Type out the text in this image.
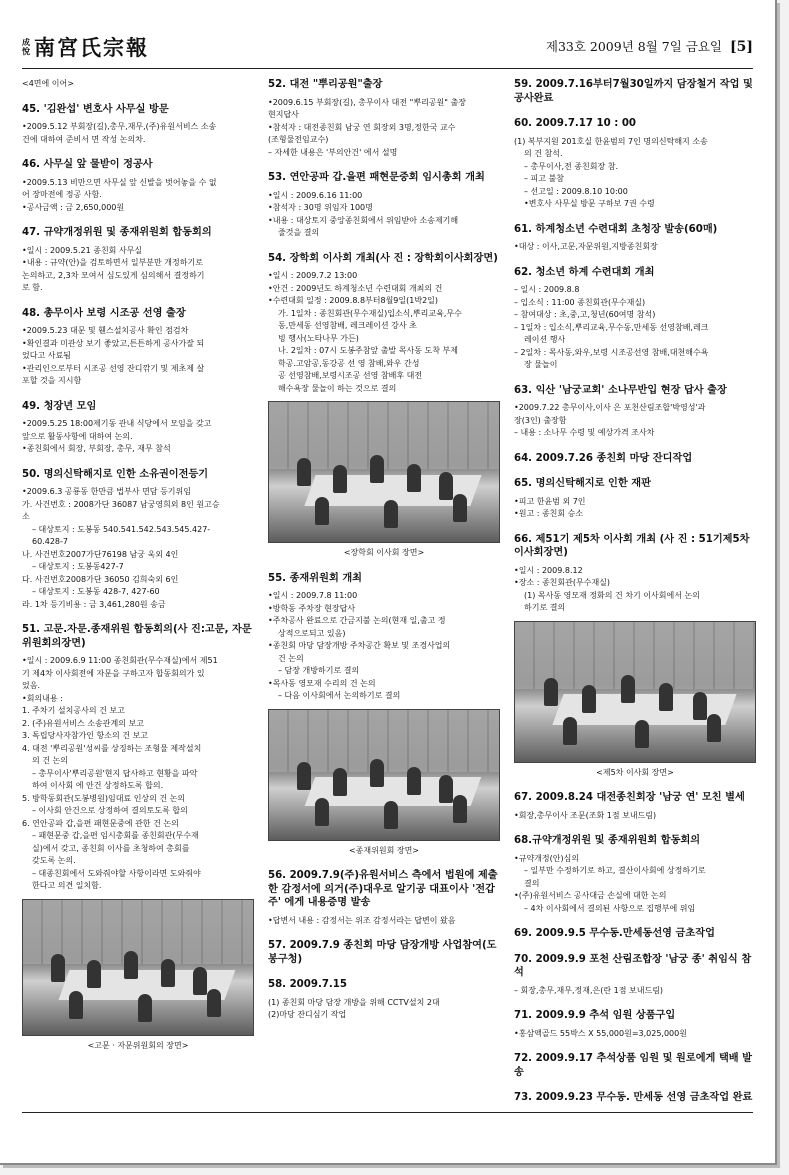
成
悅 南宮氏宗報	제33호 2009년 8월 7일 금요일 [5]
<4면에 이어>
45. '김완섭' 변호사 사무실 방문
•2009.5.12 부회장(길),총무,재무,(주)유원서비스 소송
건에 대하여 준비서 면 작성 논의차.
46. 사무실 앞 물받이 정공사
•2009.5.13 비만으면 사무실 앞 신발을 벗어놓을 수 없
어 장마전에 정공 사함.
•공사금액 : 금 2,650,000원
47. 규약개정위원 및 종재위원회 합동회의
•일시 : 2009.5.21 종친회 사무실
•내용 : 규약(안)을 검토하면서 일부분만 개정하기로
논의하고, 2,3차 모여서 심도있게 심의해서 결정하기
로 함.
48. 총무이사 보령 시조공 선영 출장
•2009.5.23 대문 및 휀스설치공사 확인 점검차
•확인결과 미관상 보기 좋았고,튼튼하게 공사가잘 되
었다고 사료됨
•관리인으로부터 시조공 선영 잔디깎기 및 제초제 살
포할 것을 지시함
49. 청장년 모임
•2009.5.25 18:00제기동 관내 식당에서 모임을 갖고
앞으로 활동사항에 대하여 논의.
•종친회에서 회장, 부회장, 총무, 재무 참석
50. 명의신탁해지로 인한 소유권이전등기
•2009.6.3 공룡동 한만큼 법부사 면담 등기위임
가. 사건번호 : 2008가단 36087 남궁영희외 8인 원고승
소
– 대상토지 : 도봉동 540.541.542.543.545.427-
60.428-7
나. 사건번호2007가단76198 남궁 욱외 4인
– 대상토지 : 도봉동427-7
다. 사건번호2008가단 36050 김희숙외 6인
– 대상토지 : 도봉동 428-7, 427-60
라. 1차 등기비용 : 금 3,461,280원 송금
51. 고문.자문.종재위원 합동회의(사 진:고문, 자문위원회의장면)
•일시 : 2009.6.9 11:00 종친회관(무수재실)에서 제51
기 제4차 이사회전에 자문을 구하고자 합동회의가 있
었음.
•회의내용 :
1. 주차기 설치공사의 건 보고
2. (주)유원서비스 소송관계의 보고
3. 독립당사자참가인 항소의 건 보고
4. 대전 '뿌리공원'성씨를 상징하는 조형물 제작설치
의 건 논의
– 총무이사'뿌리공원'현지 답사하고 현황을 파악
하여 이사회 에 안건 상정하도록 합의.
5. 방학동회관(도봉병원)임대료 인상의 건 논의
– 이사회 안건으로 상정하여 결의토도록 합의
6. 연안공파 갑,을편 패현문중에 관한 건 논의
– 패현문중 갑,을편 임시총회를 종친회관(무수재
실)에서 갖고, 종친회 이사를 초청하여 총회를
갖도록 논의.
– 대종친회에서 도와줘야할 사항이라면 도와줘야
한다고 의견 일치함.
<고문 · 자문위원회의 장면>
52. 대전 "뿌리공원"출장
•2009.6.15 부회장(길), 총무이사 대전 "뿌리공원" 출장
현지답사
•참석자 : 대전종친회 남궁 연 회장외 3명,정한국 교수
(조형물전임교수)
– 자세한 내용은 '부의안건' 에서 설명
53. 연안공파 갑.을편 패현문중회 임시총회 개최
•일시 : 2009.6.16 11:00
•참석자 : 30명 위임자 100명
•내용 : 대상토지 중앙종친회에서 위임받아 소송제기해
줄것을 결의
54. 장학회 이사회 개최(사 진 : 장학회이사회장면)
•일시 : 2009.7.2 13:00
•안건 : 2009년도 하계청소년 수련대회 개최의 건
•수련대회 일정 : 2009.8.8부터8월9일(1박2일)
가. 1일차 : 종친회관(무수재실)입소식,뿌리교육,무수
동,만세동 선영참배, 레크레이션 강사 초
빙 행사(노타나무 가든)
나. 2일차 : 07시 도봉주참앞 출발 목사동 도착 부제
학공.고암공,동강공 선 영 참배,와우 간성
공 선영참배,보령시조공 선영 참배후 대전
해수욕장 물놀이 하는 것으로 결의
<장학회 이사회 장면>
55. 종재위원회 개최
•일시 : 2009.7.8 11:00
•방학동 주차장 현장답사
•주차공사 완료으로 간금지불 논의(현재 일,출고 정
상적으로되고 있음)
•종친회 마당 담장개방 주차공간 확보 및 조경사업의
건 논의
– 담장 개방하기로 결의
•목사동 영모재 수리의 건 논의
– 다음 이사회에서 논의하기로 결의
<종재위원회 장면>
56. 2009.7.9(주)유원서비스 측에서 법원에 제출한 감정서에 의거(주)대우로 알기공 대표이사 '전갑주' 에게 내용증명 발송
•답변서 내용 : 감정서는 위조 감정서라는 답변이 왔음
57. 2009.7.9 종친회 마당 담장개방 사업참여(도봉구청)
58. 2009.7.15
(1) 종친회 마당 담장 개방을 위해 CCTV설치 2대
(2)마당 잔디심기 작업
59. 2009.7.16부터7월30일까지 담장철거 작업 및 공사완료
60. 2009.7.17 10 : 00
(1) 복부지원 201호실 한윤범의 7인 명의신탁해지 소송
의 건 참석.
– 총무이사,전 종친회장 참.
– 피고 불참
– 선고일 : 2009.8.10 10:00
•변호사 사무실 방문 구하보 7권 수령
61. 하계청소년 수련대회 초청장 발송(60매)
•대상 : 이사,고문,자문위원,지방종친회장
62. 청소년 하계 수련대회 개최
– 일시 : 2009.8.8
– 입소식 : 11:00 종친회관(무수재실)
– 참여대상 : 초,중,고,청년(60여명 참석)
– 1일차 : 입소식,뿌리교육,무수동,만세동 선영참배,레크
레이션 행사
– 2일차 : 목사동,와우,보령 시조공선영 참배,대천해수욕
장 물놀이
63. 익산 '남궁교회' 소나무반입 현장 답사 출장
•2009.7.22 총무이사,이사 은 포천산림조합'박영성'과
장(3인) 출장함
– 내용 : 소나무 수령 및 예상가격 조사차
64. 2009.7.26 종친회 마당 잔디작업
65. 명의신탁해지로 인한 재판
•피고 한윤범 외 7인
•원고 : 종친회 승소
66. 제51기 제5차 이사회 개최 (사 진 : 51기제5차 이사회장면)
•일시 : 2009.8.12
•장소 : 종친회관(무수재실)
(1) 목사동 영모재 정화의 건 차기 이사회에서 논의
하기로 결의
<제5차 이사회 장면>
67. 2009.8.24 대전종친회장 '남궁 연' 모친 별세
•회장,총무이사 조문(조화 1점 보내드림)
68.규약개정위원 및 종재위원회 합동회의
•규약개정(안)심의
– 일부만 수정하기로 하고, 결산이사회에 상정하기로
결의
•(주)유원서비스 공사대금 손실에 대한 논의
– 4차 이사회에서 결의된 사항으로 집행부에 위임
69. 2009.9.5 무수동.만세동선영 금초작업
70. 2009.9.9 포천 산림조합장 '남궁 종' 취임식 참석
– 회장,총무,재무,정재,은(란 1점 보내드림)
71. 2009.9.9 추석 임원 상품구입
•홍삼액골드 55박스 X 55,000원=3,025,000원
72. 2009.9.17 추석상품 임원 및 원로에게 택배 발송
73. 2009.9.23 무수동. 만세동 선영 금초작업 완료
